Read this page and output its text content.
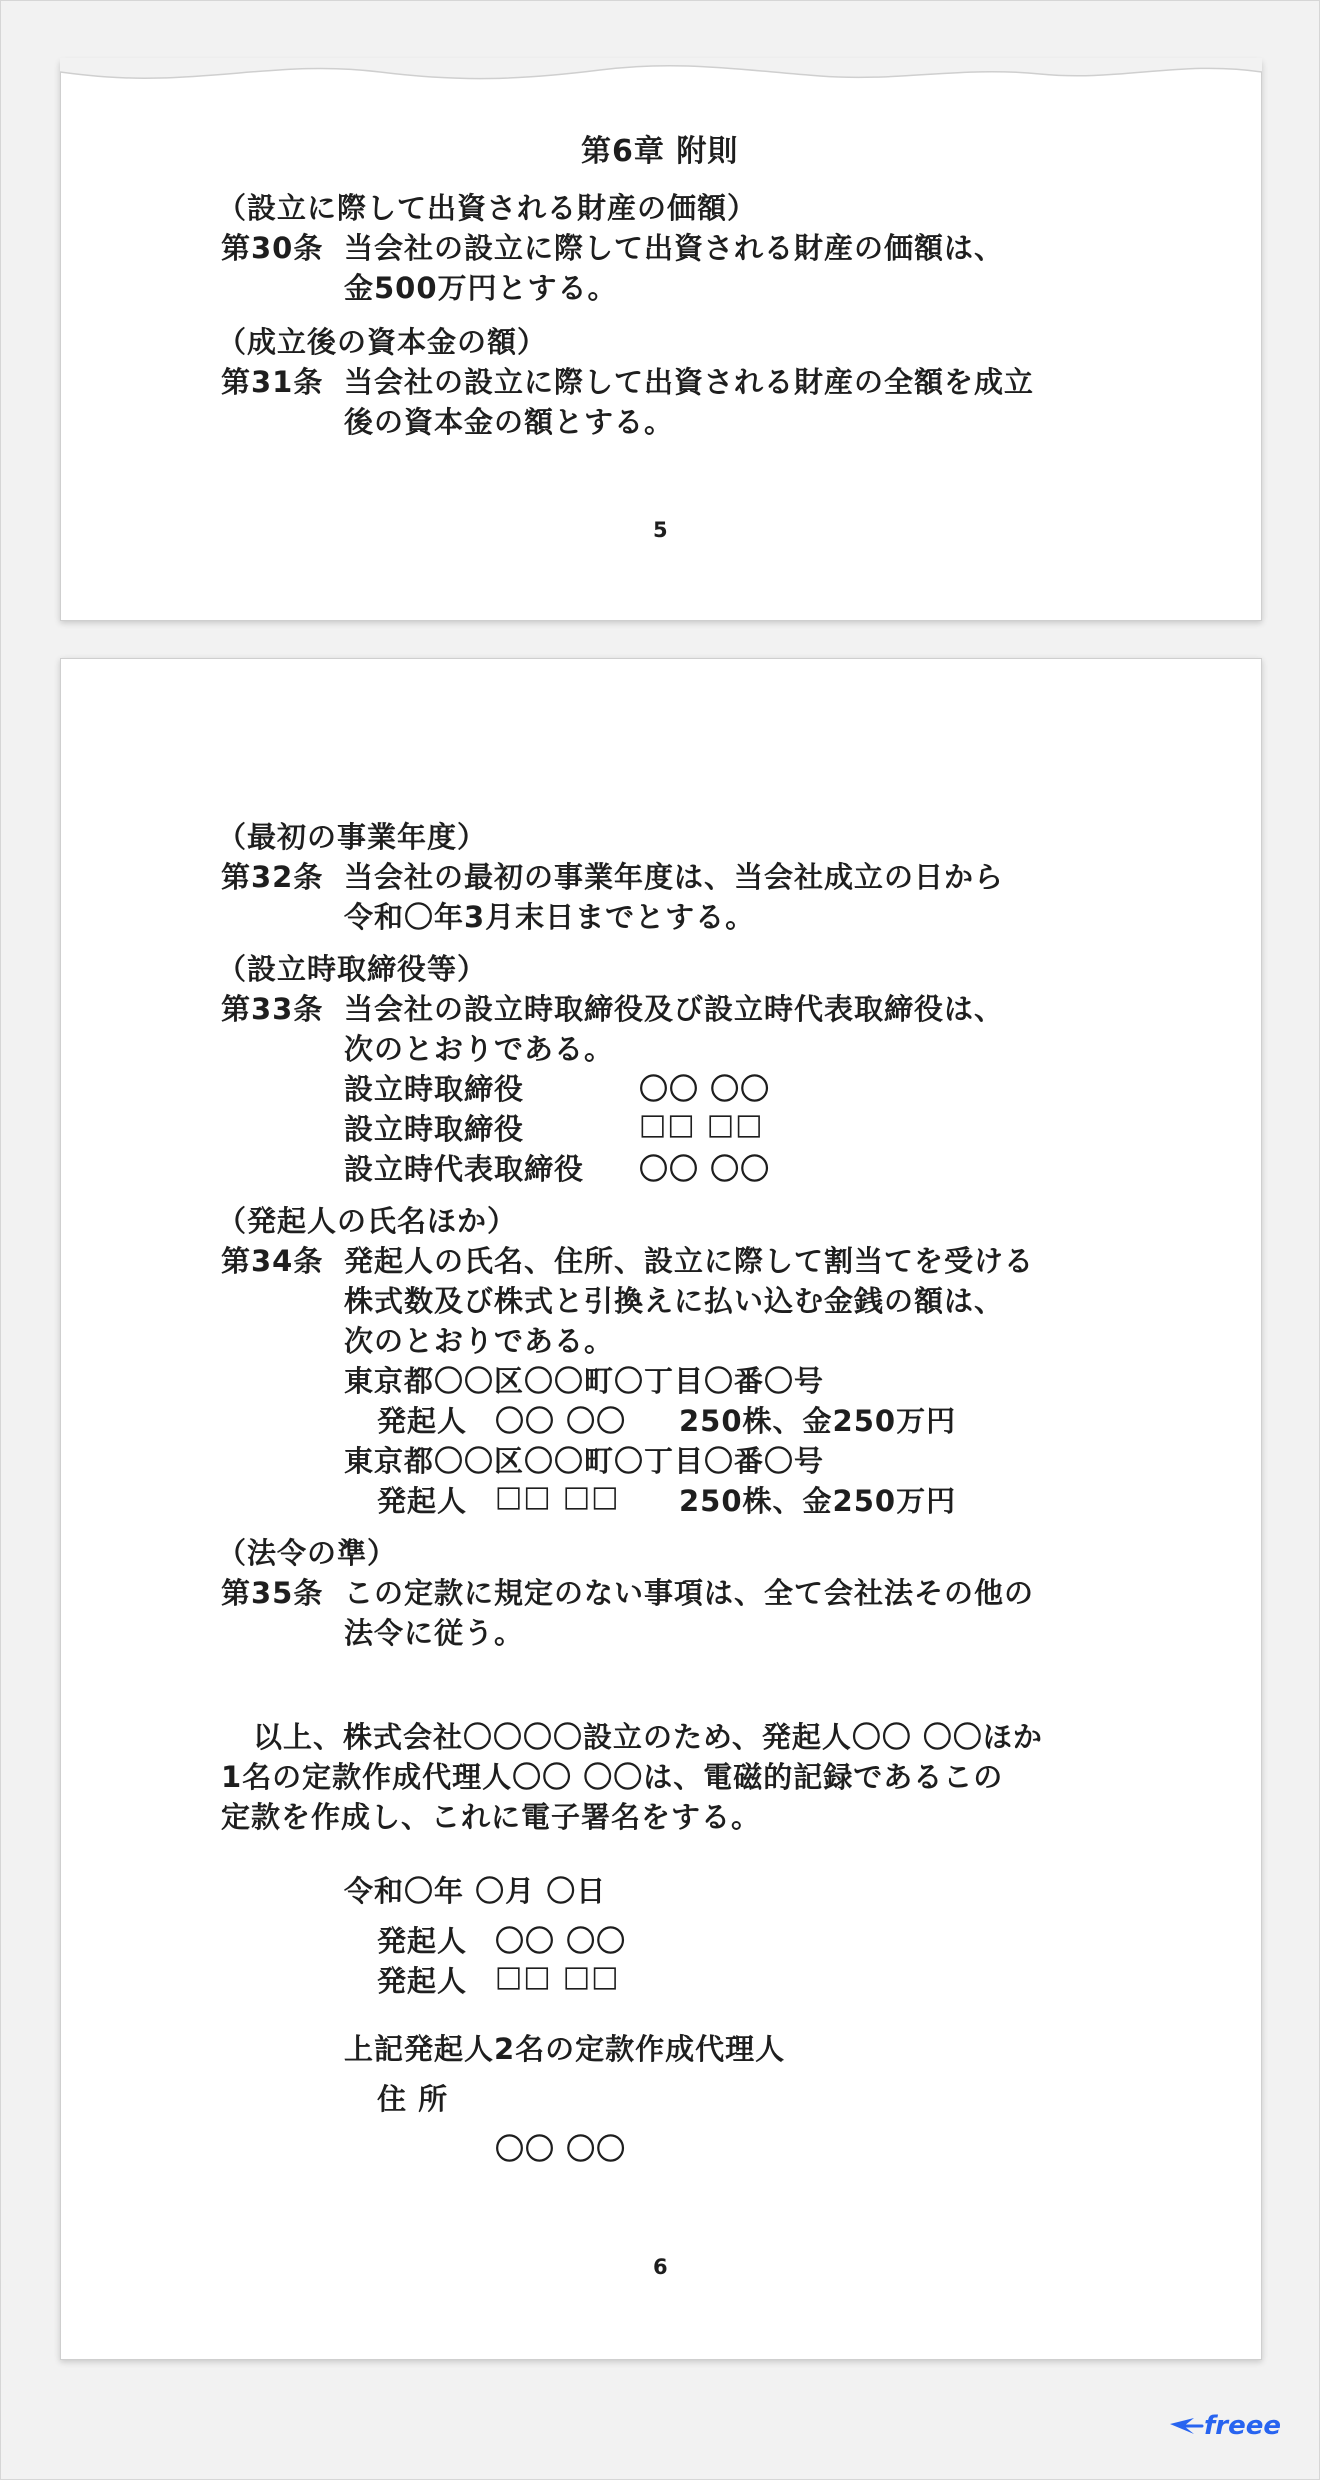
第6章 附則
（設立に際して出資される財産の価額）
第30条 当会社の設立に際して出資される財産の価額は、
金500万円とする。
（成立後の資本金の額）
第31条 当会社の設立に際して出資される財産の全額を成立
後の資本金の額とする。
5
（最初の事業年度）
第32条 当会社の最初の事業年度は、当会社成立の日から
令和〇年3月末日までとする。
（設立時取締役等）
第33条 当会社の設立時取締役及び設立時代表取締役は、
次のとおりである。
設立時取締役	〇〇 〇〇
設立時取締役	□□ □□
設立時代表取締役 〇〇 〇〇
（発起人の氏名ほか）
第34条 発起人の氏名、住所、設立に際して割当てを受ける
株式数及び株式と引換えに払い込む金銭の額は、
次のとおりである。
東京都〇〇区〇〇町〇丁目〇番〇号
発起人 〇〇 〇〇 250株、金250万円
東京都〇〇区〇〇町〇丁目〇番〇号
発起人 □□ □□ 250株、金250万円
（法令の準）
第35条 この定款に規定のない事項は、全て会社法その他の
法令に従う。
以上、株式会社〇〇〇〇設立のため、発起人〇〇 〇〇ほか
1名の定款作成代理人〇〇 〇〇は、電磁的記録であるこの
定款を作成し、これに電子署名をする。
令和〇年 〇月 〇日
発起人 〇〇 〇〇
発起人 □□ □□
上記発起人2名の定款作成代理人
住 所
〇〇 〇〇
6
freee
